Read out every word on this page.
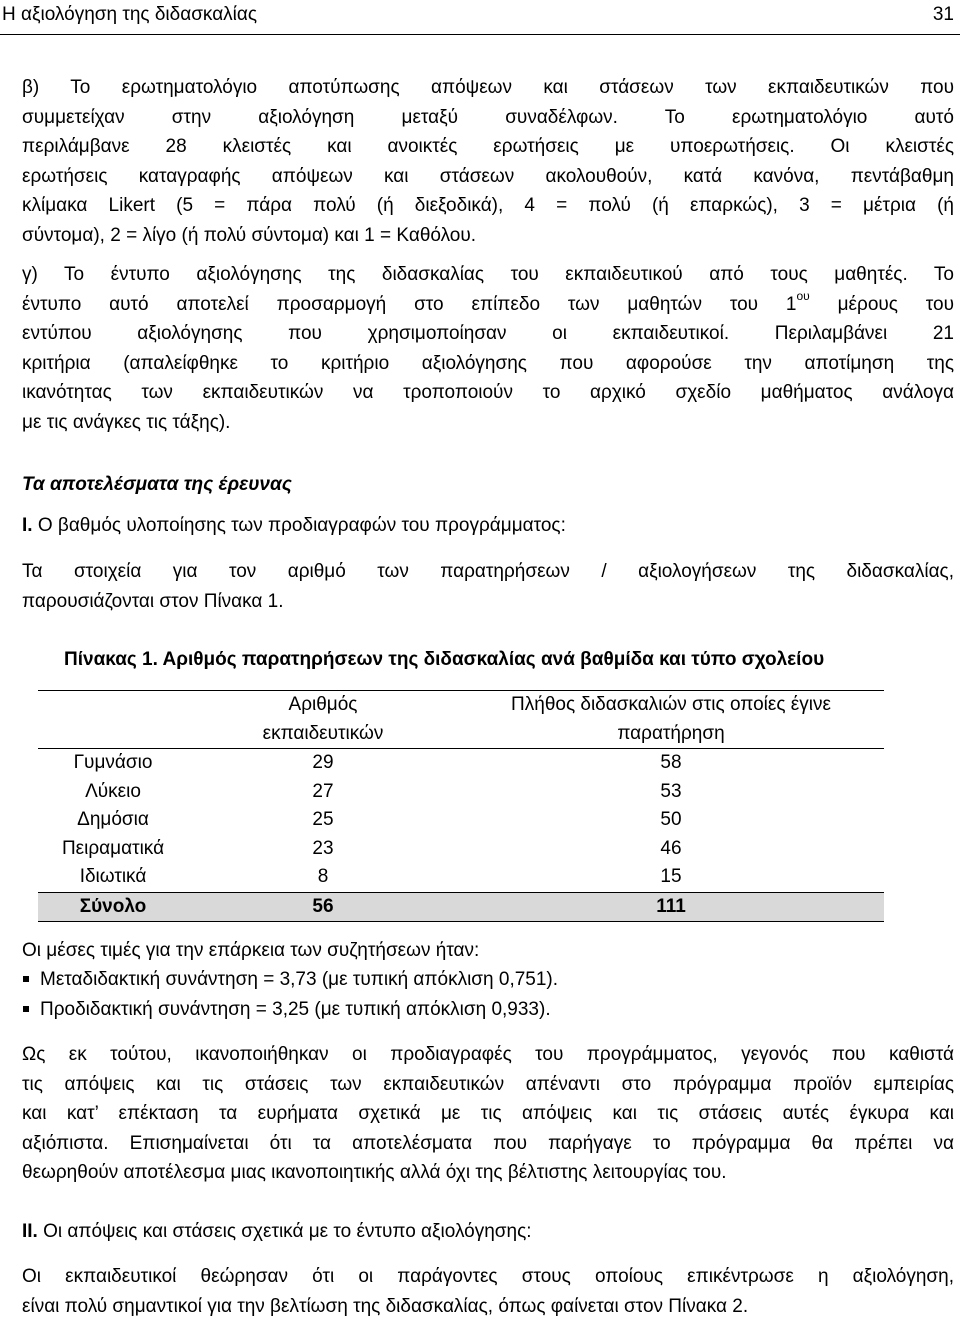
Η αξιολόγηση της διδασκαλίας	31
β) Το ερωτηματολόγιο αποτύπωσης απόψεων και στάσεων των εκπαιδευτικών που
συμμετείχαν στην αξιολόγηση μεταξύ συναδέλφων. Το ερωτηματολόγιο αυτό
περιλάμβανε 28 κλειστές και ανοικτές ερωτήσεις με υποερωτήσεις. Οι κλειστές
ερωτήσεις καταγραφής απόψεων και στάσεων ακολουθούν, κατά κανόνα, πεντάβαθμη
κλίμακα Likert (5 = πάρα πολύ (ή διεξοδικά), 4 = πολύ (ή επαρκώς), 3 = μέτρια (ή
σύντομα), 2 = λίγο (ή πολύ σύντομα) και 1 = Καθόλου.
γ) Το έντυπο αξιολόγησης της διδασκαλίας του εκπαιδευτικού από τους μαθητές. Το
έντυπο αυτό αποτελεί προσαρμογή στο επίπεδο των μαθητών του $1^{o\upsilon}$ μέρους του
εντύπου αξιολόγησης που χρησιμοποίησαν οι εκπαιδευτικοί. Περιλαμβάνει 21
κριτήρια (απαλείφθηκε το κριτήριο αξιολόγησης που αφορούσε την αποτίμηση της
ικανότητας των εκπαιδευτικών να τροποποιούν το αρχικό σχεδίο μαθήματος ανάλογα
με τις ανάγκες τις τάξης).
Τα αποτελέσματα της έρευνας
Ι. Ο βαθμός υλοποίησης των προδιαγραφών του προγράμματος:
Τα στοιχεία για τον αριθμό των παρατηρήσεων / αξιολογήσεων της διδασκαλίας,
παρουσιάζονται στον Πίνακα 1.
Πίνακας 1. Αριθμός παρατηρήσεων της διδασκαλίας ανά βαθμίδα και τύπο σχολείου
	Αριθμός εκπαιδευτικών	Πλήθος διδασκαλιών στις οποίες έγινε παρατήρηση
Γυμνάσιο	29	58
Λύκειο	27	53
Δημόσια	25	50
Πειραματικά	23	46
Ιδιωτικά	8	15
Σύνολο	56	111
Οι μέσες τιμές για την επάρκεια των συζητήσεων ήταν:
Μεταδιδακτική συνάντηση = 3,73 (με τυπική απόκλιση 0,751).
Προδιδακτική συνάντηση = 3,25 (με τυπική απόκλιση 0,933).
Ως εκ τούτου, ικανοποιήθηκαν οι προδιαγραφές του προγράμματος, γεγονός που καθιστά
τις απόψεις και τις στάσεις των εκπαιδευτικών απέναντι στο πρόγραμμα προϊόν εμπειρίας
και κατ’ επέκταση τα ευρήματα σχετικά με τις απόψεις και τις στάσεις αυτές έγκυρα και
αξιόπιστα. Επισημαίνεται ότι τα αποτελέσματα που παρήγαγε το πρόγραμμα θα πρέπει να
θεωρηθούν αποτέλεσμα μιας ικανοποιητικής αλλά όχι της βέλτιστης λειτουργίας του.
ΙΙ. Οι απόψεις και στάσεις σχετικά με το έντυπο αξιολόγησης:
Οι εκπαιδευτικοί θεώρησαν ότι οι παράγοντες στους οποίους επικέντρωσε η αξιολόγηση,
είναι πολύ σημαντικοί για την βελτίωση της διδασκαλίας, όπως φαίνεται στον Πίνακα 2.
